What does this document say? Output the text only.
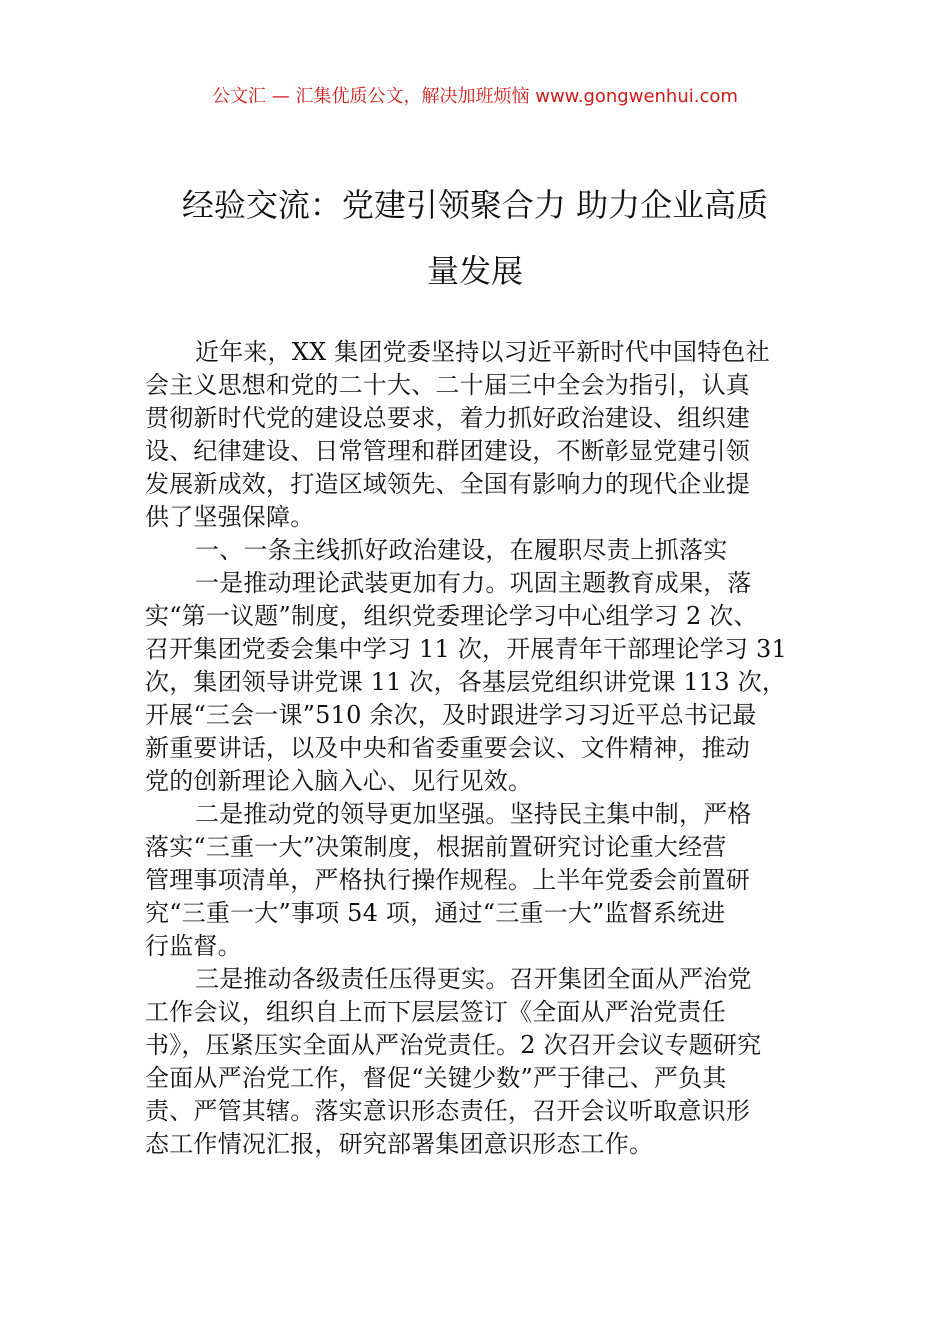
公文汇 — 汇集优质公文，解决加班烦恼 www.gongwenhui.com
经验交流：党建引领聚合力 助力企业高质
量发展

近年来，XX 集团党委坚持以习近平新时代中国特色社
会主义思想和党的二十大、二十届三中全会为指引，认真
贯彻新时代党的建设总要求，着力抓好政治建设、组织建
设、纪律建设、日常管理和群团建设，不断彰显党建引领
发展新成效，打造区域领先、全国有影响力的现代企业提
供了坚强保障。

一、一条主线抓好政治建设，在履职尽责上抓落实

一是推动理论武装更加有力。巩固主题教育成果，落
实“第一议题”制度，组织党委理论学习中心组学习 2 次、
召开集团党委会集中学习 11 次，开展青年干部理论学习 31
次，集团领导讲党课 11 次，各基层党组织讲党课 113 次，
开展“三会一课”510 余次，及时跟进学习习近平总书记最
新重要讲话，以及中央和省委重要会议、文件精神，推动
党的创新理论入脑入心、见行见效。

二是推动党的领导更加坚强。坚持民主集中制，严格
落实“三重一大”决策制度，根据前置研究讨论重大经营
管理事项清单，严格执行操作规程。上半年党委会前置研
究“三重一大”事项 54 项，通过“三重一大”监督系统进
行监督。

三是推动各级责任压得更实。召开集团全面从严治党
工作会议，组织自上而下层层签订《全面从严治党责任
书》，压紧压实全面从严治党责任。2 次召开会议专题研究
全面从严治党工作，督促“关键少数”严于律己、严负其
责、严管其辖。落实意识形态责任，召开会议听取意识形
态工作情况汇报，研究部署集团意识形态工作。
